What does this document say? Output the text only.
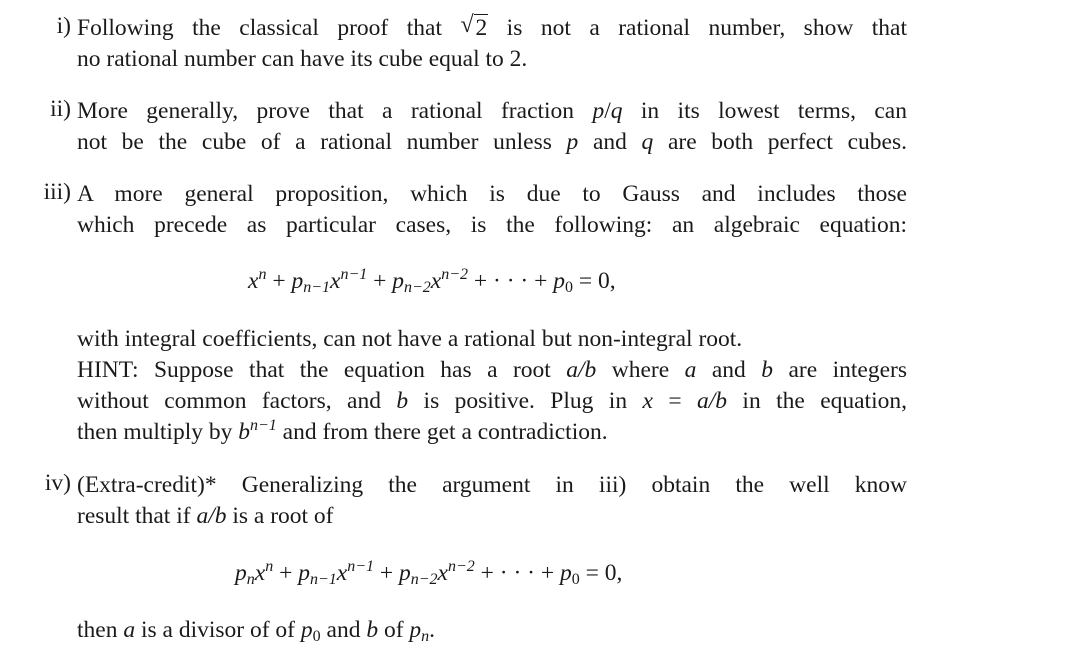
i) Following the classical proof that √ 2 is not a rational number, show that
no rational number can have its cube equal to 2.
ii) More generally, prove that a rational fraction p/q in its lowest terms, can
not be the cube of a rational number unless p and q are both perfect cubes.
iii) A more general proposition, which is due to Gauss and includes those
which precede as particular cases, is the following: an algebraic equation:
$x^n + p_{n-1}x^{n-1} + p_{n-2}x^{n-2}$ + · · · + $p_0 = 0$,
with integral coefficients, can not have a rational but non-integral root.
HINT: Suppose that the equation has a root a/b where a and b are integers
without common factors, and b is positive. Plug in x = a/b in the equation,
then multiply by $b^{n-1}$ and from there get a contradiction.
iv) (Extra-credit)* Generalizing the argument in iii) obtain the well know
result that if a/b is a root of
$p_nx^n + p_{n-1}x^{n-1} + p_{n-2}x^{n-2}$ + · · · + $p_0 = 0$,
then a is a divisor of of $p_0$ and b of $p_n$.
